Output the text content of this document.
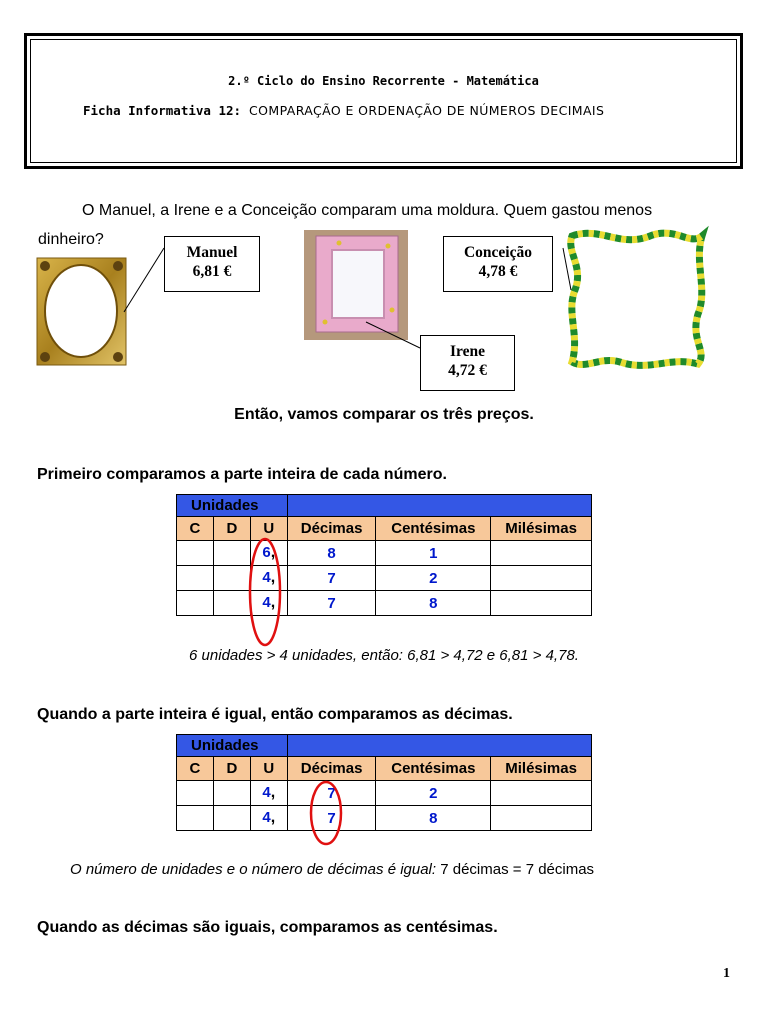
2.º Ciclo do Ensino Recorrente - Matemática
Ficha Informativa 12: COMPARAÇÃO E ORDENAÇÃO DE NÚMEROS DECIMAIS
O Manuel, a Irene e a Conceição comparam uma moldura. Quem gastou menos
dinheiro?
Manuel
6,81 €
Conceição
4,78 €
Irene
4,72 €
Então, vamos comparar os três preços.
Primeiro comparamos a parte inteira de cada número.
Unidades					
C	D	U	Décimas	Centésimas	Milésimas
		6,	8	1	
		4,	7	2	
		4,	7	8	
6 unidades > 4 unidades, então: 6,81 > 4,72 e 6,81 > 4,78.
Quando a parte inteira é igual, então comparamos as décimas.
Unidades					
C	D	U	Décimas	Centésimas	Milésimas
		4,	7	2	
		4,	7	8	
O número de unidades e o número de décimas é igual: 7 décimas = 7 décimas
Quando as décimas são iguais, comparamos as centésimas.
1
